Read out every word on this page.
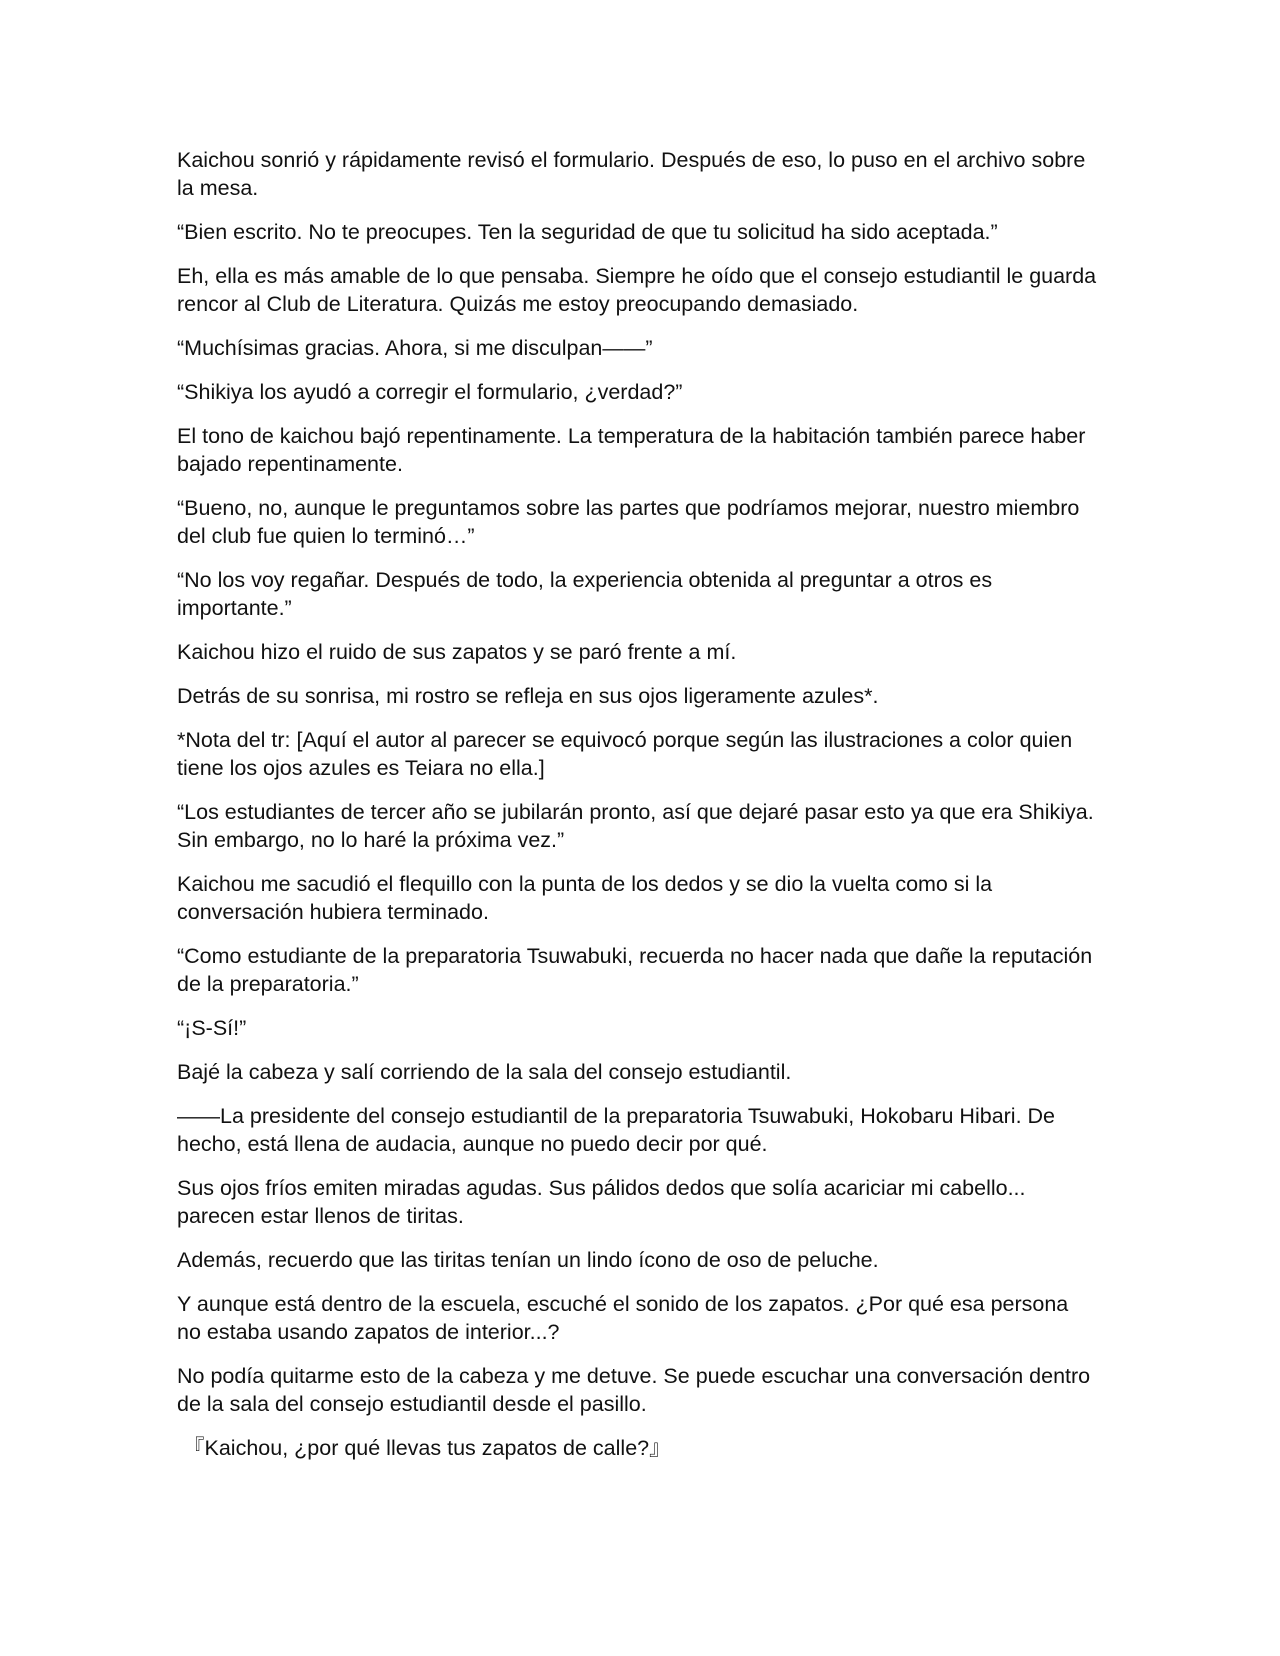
Kaichou sonrió y rápidamente revisó el formulario. Después de eso, lo puso en el archivo sobre la mesa.

“Bien escrito. No te preocupes. Ten la seguridad de que tu solicitud ha sido aceptada.”

Eh, ella es más amable de lo que pensaba. Siempre he oído que el consejo estudiantil le guarda rencor al Club de Literatura. Quizás me estoy preocupando demasiado.

“Muchísimas gracias. Ahora, si me disculpan——”

“Shikiya los ayudó a corregir el formulario, ¿verdad?”

El tono de kaichou bajó repentinamente. La temperatura de la habitación también parece haber bajado repentinamente.

“Bueno, no, aunque le preguntamos sobre las partes que podríamos mejorar, nuestro miembro del club fue quien lo terminó…”

“No los voy regañar. Después de todo, la experiencia obtenida al preguntar a otros es importante.”

Kaichou hizo el ruido de sus zapatos y se paró frente a mí.

Detrás de su sonrisa, mi rostro se refleja en sus ojos ligeramente azules*.

*Nota del tr: [Aquí el autor al parecer se equivocó porque según las ilustraciones a color quien tiene los ojos azules es Teiara no ella.]

“Los estudiantes de tercer año se jubilarán pronto, así que dejaré pasar esto ya que era Shikiya. Sin embargo, no lo haré la próxima vez.”

Kaichou me sacudió el flequillo con la punta de los dedos y se dio la vuelta como si la conversación hubiera terminado.

“Como estudiante de la preparatoria Tsuwabuki, recuerda no hacer nada que dañe la reputación de la preparatoria.”

“¡S-Sí!”

Bajé la cabeza y salí corriendo de la sala del consejo estudiantil.

——La presidente del consejo estudiantil de la preparatoria Tsuwabuki, Hokobaru Hibari. De hecho, está llena de audacia, aunque no puedo decir por qué.

Sus ojos fríos emiten miradas agudas. Sus pálidos dedos que solía acariciar mi cabello... parecen estar llenos de tiritas.

Además, recuerdo que las tiritas tenían un lindo ícono de oso de peluche.

Y aunque está dentro de la escuela, escuché el sonido de los zapatos. ¿Por qué esa persona no estaba usando zapatos de interior...?

No podía quitarme esto de la cabeza y me detuve. Se puede escuchar una conversación dentro de la sala del consejo estudiantil desde el pasillo.

『Kaichou, ¿por qué llevas tus zapatos de calle?』
